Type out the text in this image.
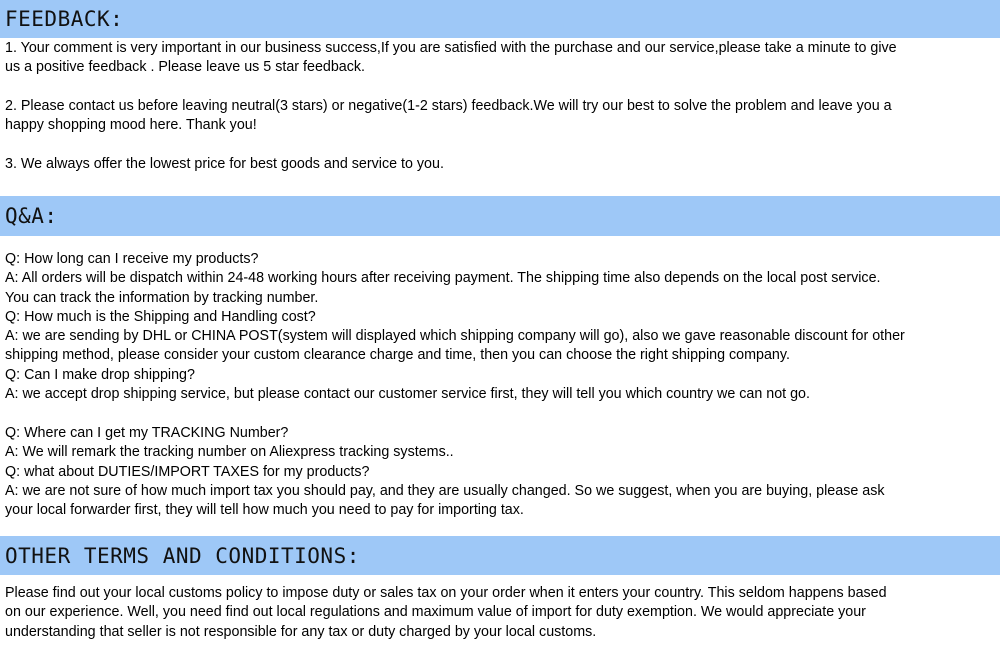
FEEDBACK:

1. Your comment is very important in our business success,If you are satisfied with the purchase and our service,please take a minute to give
us a positive feedback . Please leave us 5 star feedback.

2. Please contact us before leaving neutral(3 stars) or negative(1-2 stars) feedback.We will try our best to solve the problem and leave you a
happy shopping mood here. Thank you!

3. We always offer the lowest price for best goods and service to you.

Q&A:

Q: How long can I receive my products?
A: All orders will be dispatch within 24-48 working hours after receiving payment. The shipping time also depends on the local post service.
You can track the information by tracking number.
Q: How much is the Shipping and Handling cost?
A: we are sending by DHL or CHINA POST(system will displayed which shipping company will go), also we gave reasonable discount for other
shipping method, please consider your custom clearance charge and time, then you can choose the right shipping company.
Q: Can I make drop shipping?
A: we accept drop shipping service, but please contact our customer service first, they will tell you which country we can not go.

Q: Where can I get my TRACKING Number?
A: We will remark the tracking number on Aliexpress tracking systems..
Q: what about DUTIES/IMPORT TAXES for my products?
A: we are not sure of how much import tax you should pay, and they are usually changed. So we suggest, when you are buying, please ask
your local forwarder first, they will tell how much you need to pay for importing tax.

OTHER TERMS AND CONDITIONS:

Please find out your local customs policy to impose duty or sales tax on your order when it enters your country. This seldom happens based
on our experience. Well, you need find out local regulations and maximum value of import for duty exemption. We would appreciate your
understanding that seller is not responsible for any tax or duty charged by your local customs.
